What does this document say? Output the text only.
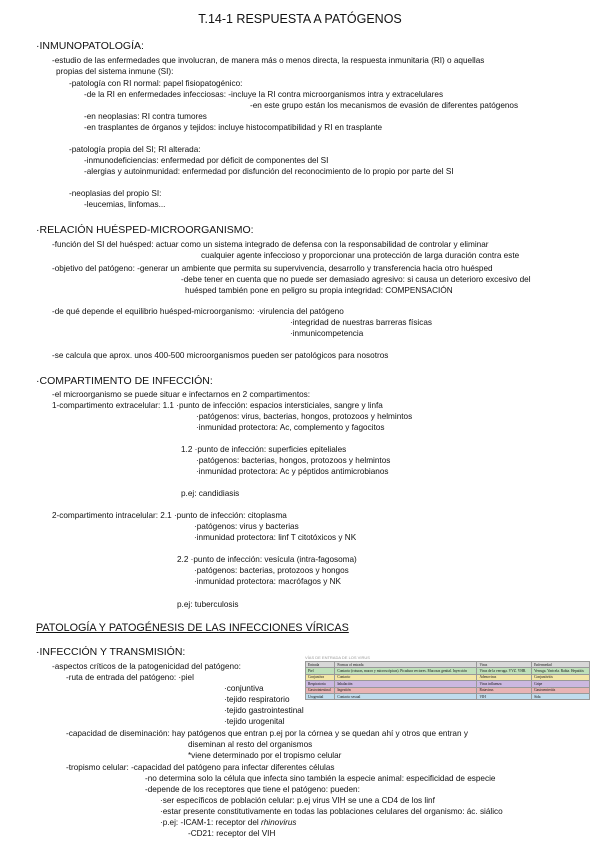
T.14-1 RESPUESTA A PATÓGENOS
·INMUNOPATOLOGÍA:
-estudio de las enfermedades que involucran, de manera más o menos directa, la respuesta inmunitaria (RI) o aquellas
propias del sistema inmune (SI):
-patología con RI normal: papel fisiopatogénico:
-de la RI en enfermedades infecciosas: -incluye la RI contra microorganismos intra y extracelulares
-en este grupo están los mecanismos de evasión de diferentes patógenos
-en neoplasias: RI contra tumores
-en trasplantes de órganos y tejidos: incluye histocompatibilidad y RI en trasplante
-patología propia del SI; RI alterada:
-inmunodeficiencias: enfermedad por déficit de componentes del SI
-alergias y autoinmunidad: enfermedad por disfunción del reconocimiento de lo propio por parte del SI
-neoplasias del propio SI:
-leucemias, linfomas...
·RELACIÓN HUÉSPED-MICROORGANISMO:
-función del SI del huésped: actuar como un sistema integrado de defensa con la responsabilidad de controlar y eliminar
cualquier agente infeccioso y proporcionar una protección de larga duración contra este
-objetivo del patógeno: -generar un ambiente que permita su supervivencia, desarrollo y transferencia hacia otro huésped
-debe tener en cuenta que no puede ser demasiado agresivo: si causa un deterioro excesivo del
huésped también pone en peligro su propia integridad: COMPENSACIÓN
-de qué depende el equilibrio huésped-microorganismo: ·virulencia del patógeno
·integridad de nuestras barreras físicas
·inmunicompetencia
-se calcula que aprox. unos 400-500 microorganismos pueden ser patológicos para nosotros
·COMPARTIMENTO DE INFECCIÓN:
-el microorganismo se puede situar e infectarnos en 2 compartimentos:
1-compartimento extracelular: 1.1 ·punto de infección: espacios intersticiales, sangre y linfa
·patógenos: virus, bacterias, hongos, protozoos y helmintos
·inmunidad protectora: Ac, complemento y fagocitos
1.2 ·punto de infección: superficies epiteliales
·patógenos: bacterias, hongos, protozoos y helmintos
·inmunidad protectora: Ac y péptidos antimicrobianos
p.ej: candidiasis
2-compartimento intracelular: 2.1 ·punto de infección: citoplasma
·patógenos: virus y bacterias
·inmunidad protectora: linf T citotóxicos y NK
2.2 ·punto de infección: vesícula (intra-fagosoma)
·patógenos: bacterias, protozoos y hongos
·inmunidad protectora: macrófagos y NK
p.ej: tuberculosis
PATOLOGÍA Y PATOGÉNESIS DE LAS INFECCIONES VÍRICAS
·INFECCIÓN Y TRANSMISIÓN:
-aspectos críticos de la patogenicidad del patógeno:
-ruta de entrada del patógeno: ·piel
·conjuntiva
·tejido respiratorio
·tejido gastrointestinal
·tejido urogenital
-capacidad de diseminación: hay patógenos que entran p.ej por la córnea y se quedan ahí y otros que entran y
diseminan al resto del organismos
*viene determinado por el tropismo celular
-tropismo celular: -capacidad del patógeno para infectar diferentes células
-no determina solo la célula que infecta sino también la especie animal: especificidad de especie
-depende de los receptores que tiene el patógeno: pueden:
·ser específicos de población celular: p.ej virus VIH se une a CD4 de los linf
·estar presente constitutivamente en todas las poblaciones celulares del organismo: ác. siálico
·p.ej: -ICAM-1: receptor del rhinovirus
-CD21: receptor del VIH
VÍAS DE ENTRADA DE LOS VIRUS
Entrada	Formas of entrada	Virus	Enfermedad
Piel	Contacto (roturas, macro y microscópicas). Picadura vectores. Mucosas genital. Inyección	Virus de la verruga. VVZ. VHB.	Verruga. Varicela. Rabia. Hepatitis
Conjuntiva	Contacto	Adenovirus	Conjuntivitis
Respiratoria	Inhalación	Virus influenza	Gripe
Gastrointestinal	Ingestión	Rotavirus	Gastroenteritis
Urogenital	Contacto sexual	VIH	Sida
